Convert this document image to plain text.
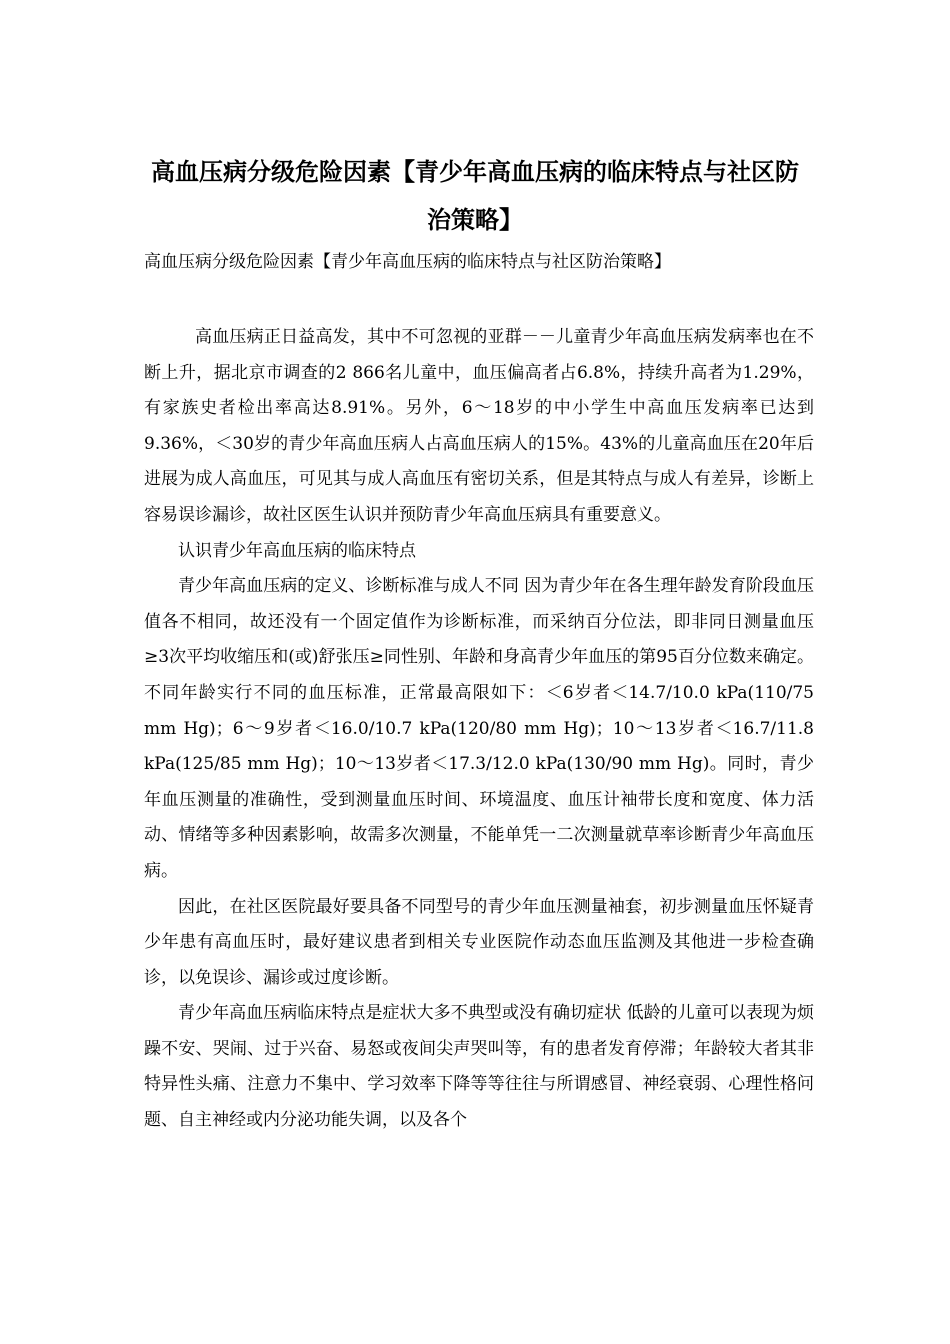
高血压病分级危险因素【青少年高血压病的临床特点与社区防治策略】

高血压病分级危险因素【青少年高血压病的临床特点与社区防治策略】

高血压病正日益高发，其中不可忽视的亚群－－儿童青少年高血压病发病率也在不断上升，据北京市调查的2 866名儿童中，血压偏高者占6.8%，持续升高者为1.29%，有家族史者检出率高达8.91%。另外，6～18岁的中小学生中高血压发病率已达到9.36%，＜30岁的青少年高血压病人占高血压病人的15%。43%的儿童高血压在20年后进展为成人高血压，可见其与成人高血压有密切关系，但是其特点与成人有差异，诊断上容易误诊漏诊，故社区医生认识并预防青少年高血压病具有重要意义。

认识青少年高血压病的临床特点

青少年高血压病的定义、诊断标准与成人不同 因为青少年在各生理年龄发育阶段血压值各不相同，故还没有一个固定值作为诊断标准，而采纳百分位法，即非同日测量血压≥3次平均收缩压和(或)舒张压≥同性别、年龄和身高青少年血压的第95百分位数来确定。不同年龄实行不同的血压标准，正常最高限如下：＜6岁者＜14.7/10.0 kPa(110/75 mm Hg)；6～9岁者＜16.0/10.7 kPa(120/80 mm Hg)；10～13岁者＜16.7/11.8 kPa(125/85 mm Hg)；10～13岁者＜17.3/12.0 kPa(130/90 mm Hg)。同时，青少年血压测量的准确性，受到测量血压时间、环境温度、血压计袖带长度和宽度、体力活动、情绪等多种因素影响，故需多次测量，不能单凭一二次测量就草率诊断青少年高血压病。

因此，在社区医院最好要具备不同型号的青少年血压测量袖套，初步测量血压怀疑青少年患有高血压时，最好建议患者到相关专业医院作动态血压监测及其他进一步检查确诊，以免误诊、漏诊或过度诊断。

青少年高血压病临床特点是症状大多不典型或没有确切症状 低龄的儿童可以表现为烦躁不安、哭闹、过于兴奋、易怒或夜间尖声哭叫等，有的患者发育停滞；年龄较大者其非特异性头痛、注意力不集中、学习效率下降等等往往与所谓感冒、神经衰弱、心理性格问题、自主神经或内分泌功能失调，以及各个
